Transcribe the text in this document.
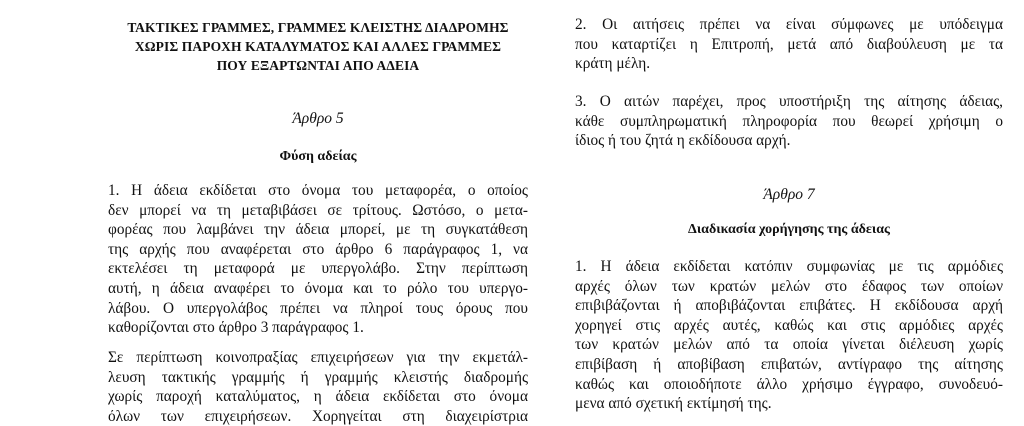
ΤΑΚΤΙΚΕΣ ΓΡΑΜΜΕΣ, ΓΡΑΜΜΕΣ ΚΛΕΙΣΤΗΣ ΔΙΑΔΡΟΜΗΣ
ΧΩΡΙΣ ΠΑΡΟΧΗ ΚΑΤΑΛΥΜΑΤΟΣ ΚΑΙ ΑΛΛΕΣ ΓΡΑΜΜΕΣ
ΠΟΥ ΕΞΑΡΤΩΝΤΑΙ ΑΠΟ ΑΔΕΙΑ
Άρθρο 5
Φύση αδείας
1. Η άδεια εκδίδεται στο όνομα του μεταφορέα, ο οποίος
δεν μπορεί να τη μεταβιβάσει σε τρίτους. Ωστόσο, ο μετα-
φορέας που λαμβάνει την άδεια μπορεί, με τη συγκατάθεση
της αρχής που αναφέρεται στο άρθρο 6 παράγραφος 1, να
εκτελέσει τη μεταφορά με υπεργολάβο. Στην περίπτωση
αυτή, η άδεια αναφέρει το όνομα και το ρόλο του υπεργο-
λάβου. Ο υπεργολάβος πρέπει να πληροί τους όρους που
καθορίζονται στο άρθρο 3 παράγραφος 1.
Σε περίπτωση κοινοπραξίας επιχειρήσεων για την εκμετάλ-
λευση τακτικής γραμμής ή γραμμής κλειστής διαδρομής
χωρίς παροχή καταλύματος, η άδεια εκδίδεται στο όνομα
όλων των επιχειρήσεων. Χορηγείται στη διαχειρίστρια
2. Οι αιτήσεις πρέπει να είναι σύμφωνες με υπόδειγμα
που καταρτίζει η Επιτροπή, μετά από διαβούλευση με τα
κράτη μέλη.
3. Ο αιτών παρέχει, προς υποστήριξη της αίτησης άδειας,
κάθε συμπληρωματική πληροφορία που θεωρεί χρήσιμη ο
ίδιος ή του ζητά η εκδίδουσα αρχή.
Άρθρο 7
Διαδικασία χορήγησης της άδειας
1. Η άδεια εκδίδεται κατόπιν συμφωνίας με τις αρμόδιες
αρχές όλων των κρατών μελών στο έδαφος των οποίων
επιβιβάζονται ή αποβιβάζονται επιβάτες. Η εκδίδουσα αρχή
χορηγεί στις αρχές αυτές, καθώς και στις αρμόδιες αρχές
των κρατών μελών από τα οποία γίνεται διέλευση χωρίς
επιβίβαση ή αποβίβαση επιβατών, αντίγραφο της αίτησης
καθώς και οποιοδήποτε άλλο χρήσιμο έγγραφο, συνοδευό-
μενα από σχετική εκτίμησή της.
